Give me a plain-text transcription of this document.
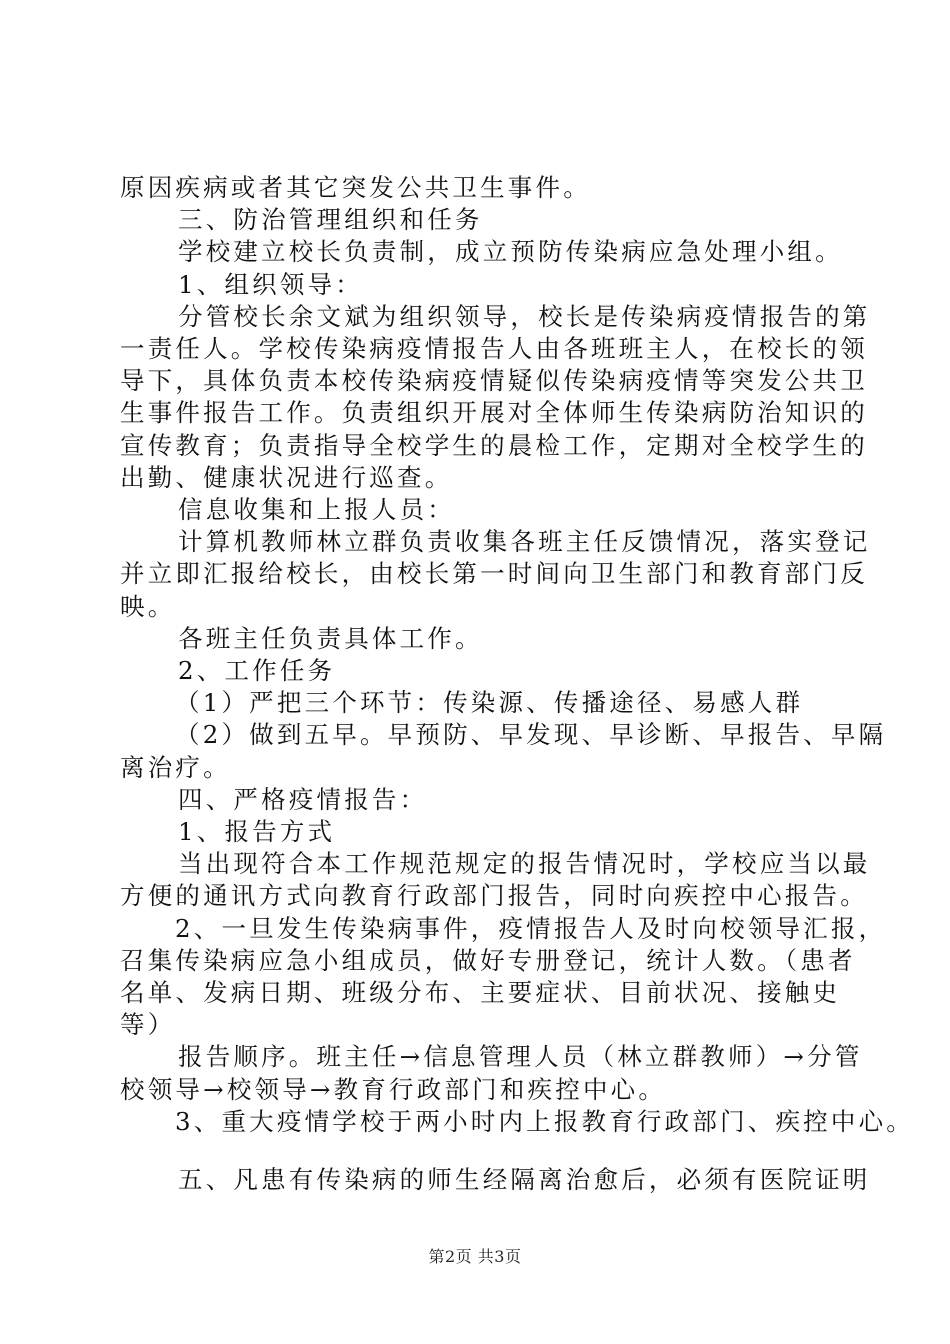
原因疾病或者其它突发公共卫生事件。

三、防治管理组织和任务

学校建立校长负责制，成立预防传染病应急处理小组。

1、组织领导：

分管校长余文斌为组织领导，校长是传染病疫情报告的第

一责任人。学校传染病疫情报告人由各班班主人，在校长的领

导下，具体负责本校传染病疫情疑似传染病疫情等突发公共卫

生事件报告工作。负责组织开展对全体师生传染病防治知识的

宣传教育；负责指导全校学生的晨检工作，定期对全校学生的

出勤、健康状况进行巡查。

信息收集和上报人员：

计算机教师林立群负责收集各班主任反馈情况，落实登记

并立即汇报给校长，由校长第一时间向卫生部门和教育部门反

映。

各班主任负责具体工作。

2、工作任务

（1）严把三个环节：传染源、传播途径、易感人群

（2）做到五早。早预防、早发现、早诊断、早报告、早隔

离治疗。

四、严格疫情报告：

1、报告方式

当出现符合本工作规范规定的报告情况时，学校应当以最

方便的通讯方式向教育行政部门报告，同时向疾控中心报告。

2、一旦发生传染病事件，疫情报告人及时向校领导汇报，

召集传染病应急小组成员，做好专册登记，统计人数。（患者

名单、发病日期、班级分布、主要症状、目前状况、接触史

等）

报告顺序。班主任→信息管理人员（林立群教师）→分管

校领导→校领导→教育行政部门和疾控中心。

3、重大疫情学校于两小时内上报教育行政部门、疾控中心。

五、凡患有传染病的师生经隔离治愈后，必须有医院证明

第2页 共3页
